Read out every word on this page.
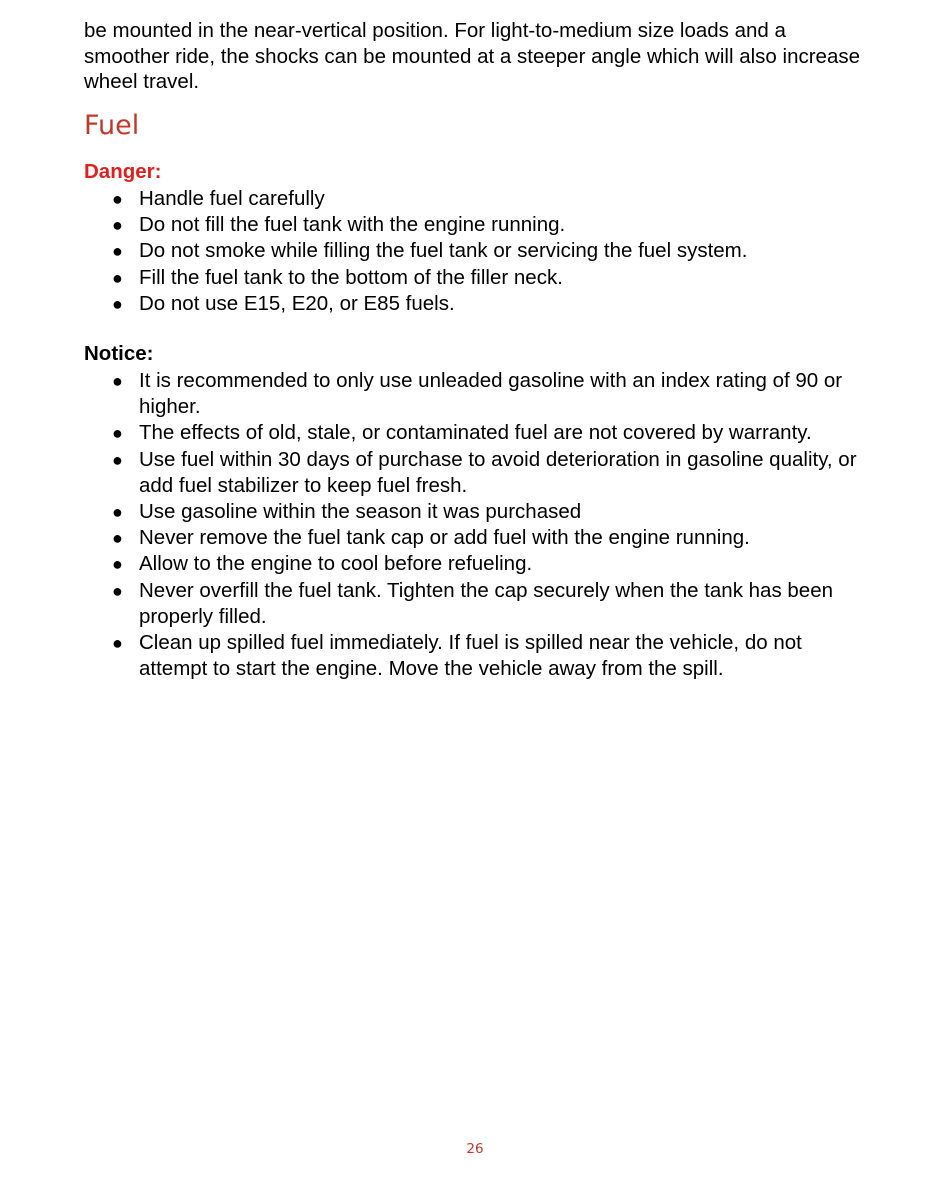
be mounted in the near-vertical position. For light-to-medium size loads and a smoother ride, the shocks can be mounted at a steeper angle which will also increase wheel travel.

Fuel

Danger:

● Handle fuel carefully
● Do not fill the fuel tank with the engine running.
● Do not smoke while filling the fuel tank or servicing the fuel system.
● Fill the fuel tank to the bottom of the filler neck.
● Do not use E15, E20, or E85 fuels.

Notice:

● It is recommended to only use unleaded gasoline with an index rating of 90 or higher.
● The effects of old, stale, or contaminated fuel are not covered by warranty.
● Use fuel within 30 days of purchase to avoid deterioration in gasoline quality, or add fuel stabilizer to keep fuel fresh.
● Use gasoline within the season it was purchased
● Never remove the fuel tank cap or add fuel with the engine running.
● Allow to the engine to cool before refueling.
● Never overfill the fuel tank. Tighten the cap securely when the tank has been properly filled.
● Clean up spilled fuel immediately. If fuel is spilled near the vehicle, do not attempt to start the engine. Move the vehicle away from the spill.

26
